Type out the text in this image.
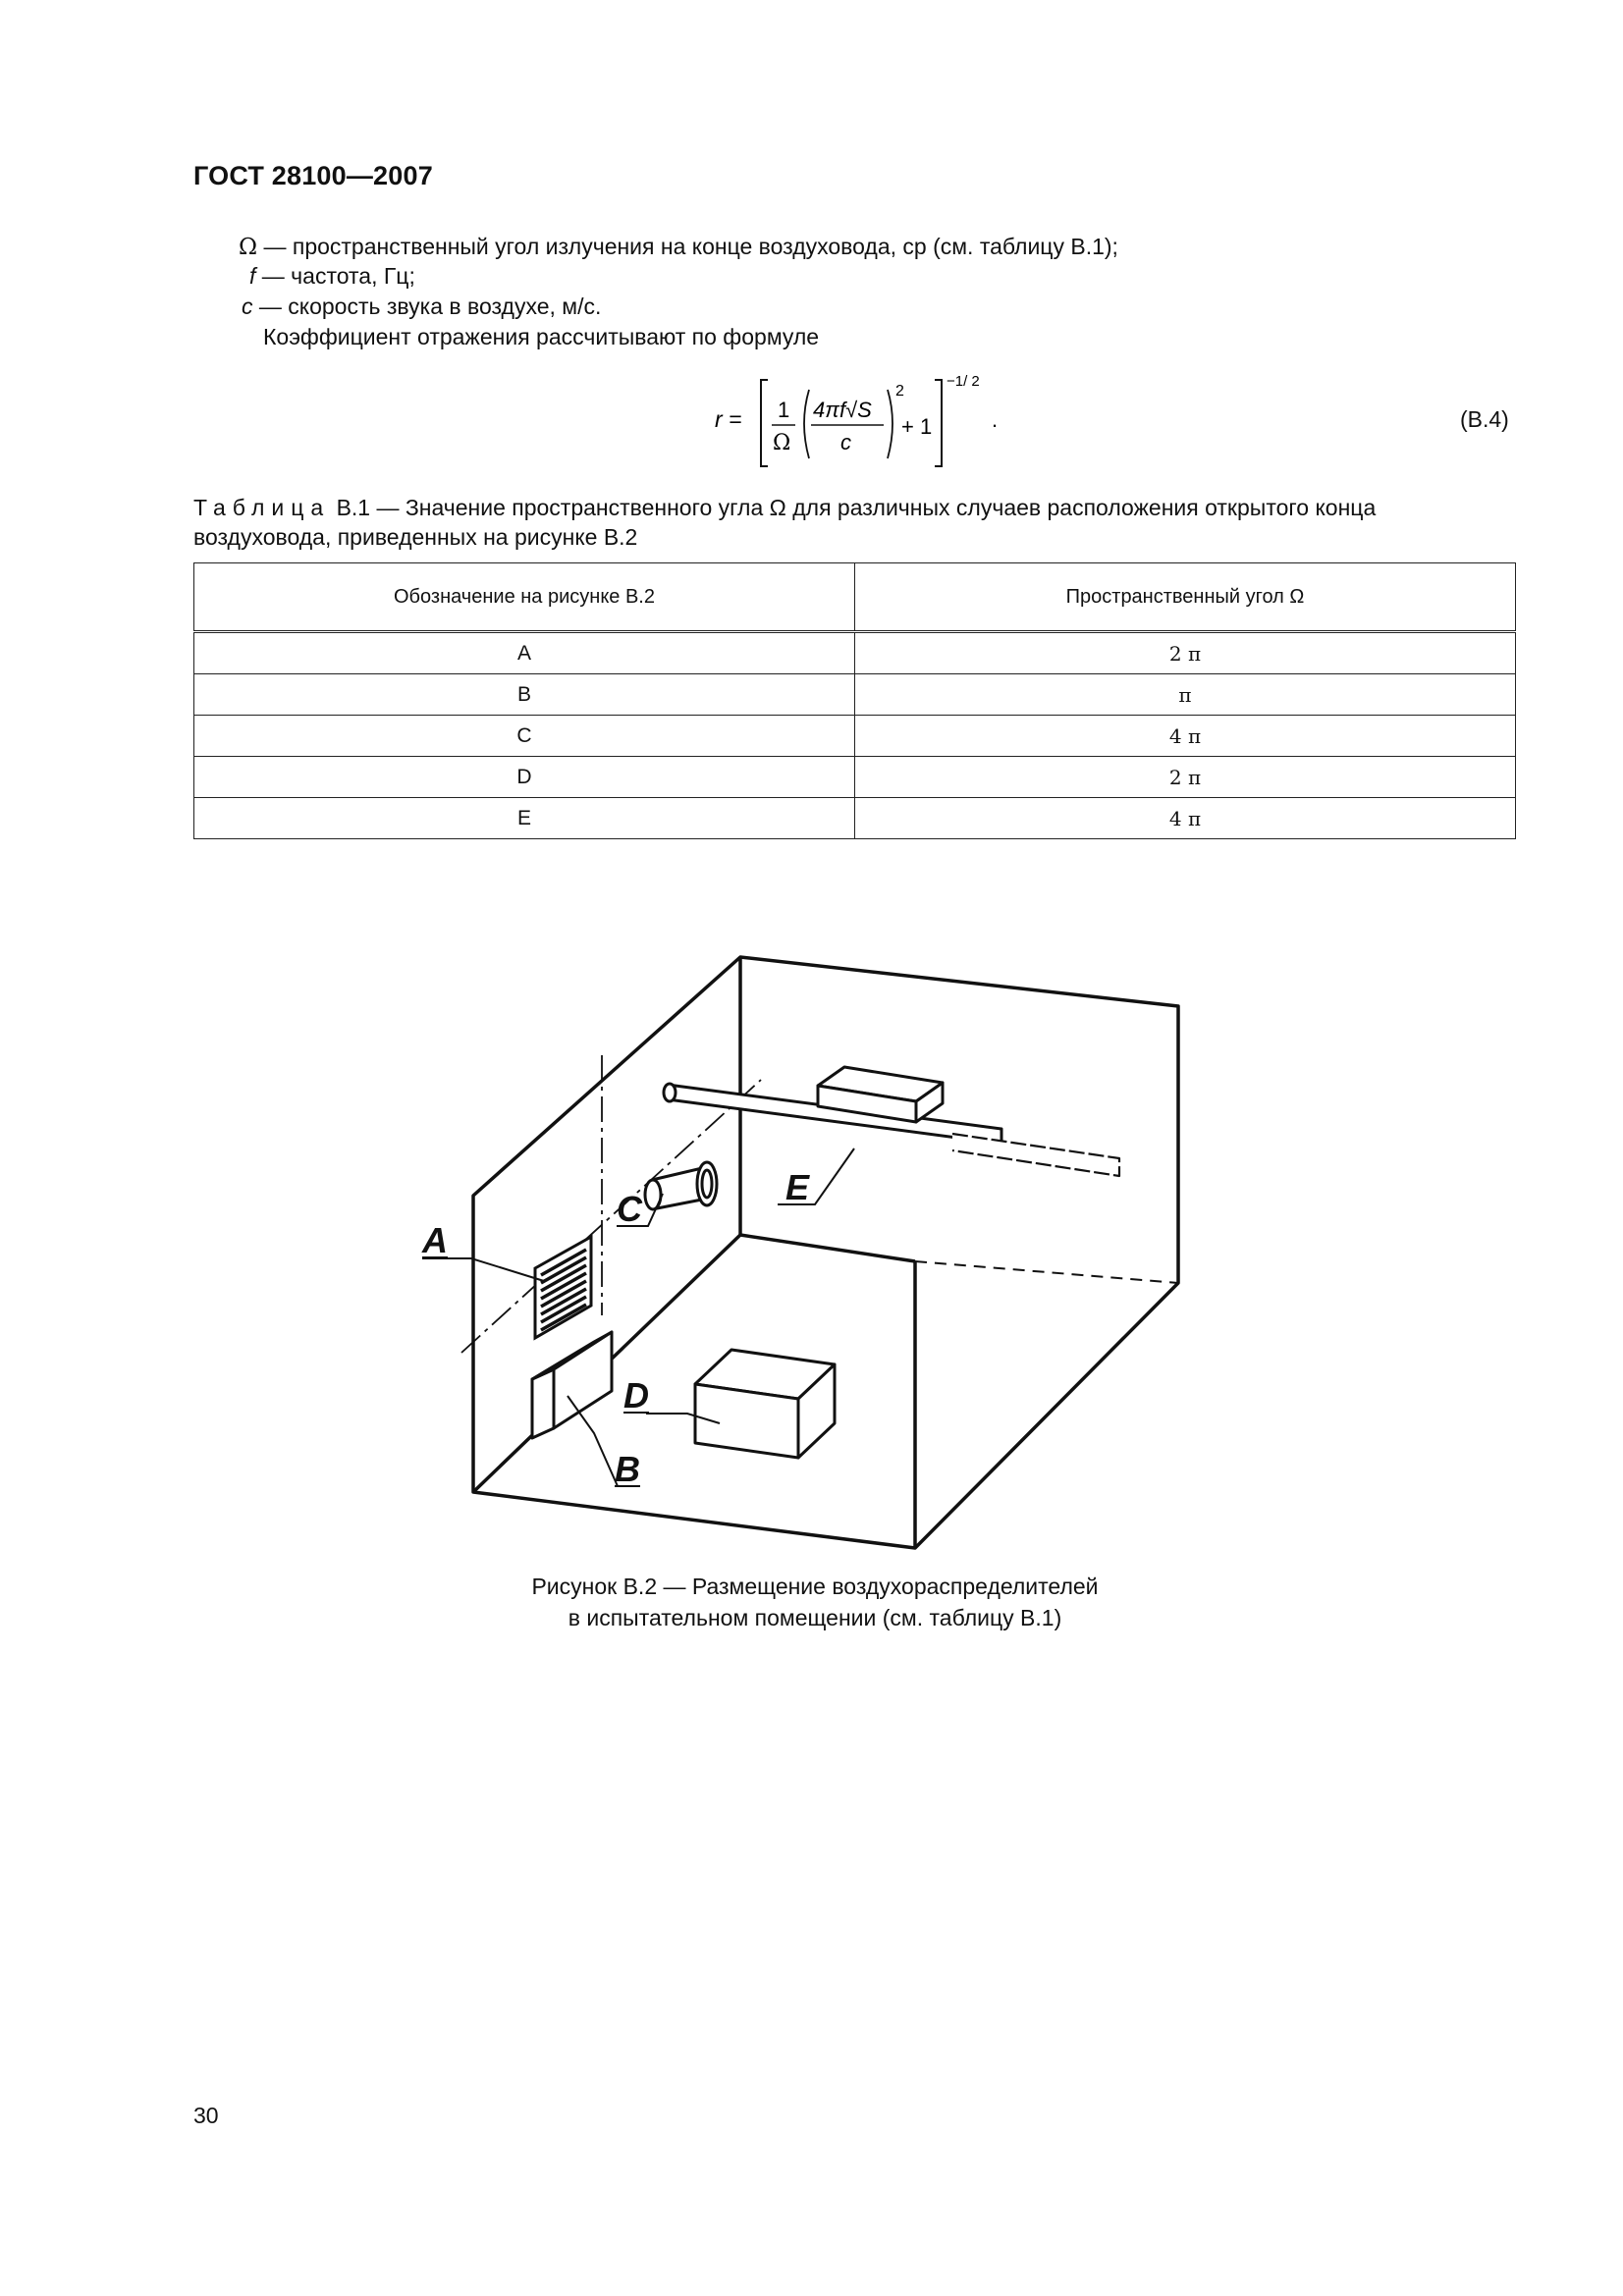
ГОСТ 28100—2007
Ω — пространственный угол излучения на конце воздуховода, ср (см. таблицу В.1);
f — частота, Гц;
c — скорость звука в воздухе, м/с.
Коэффициент отражения рассчитывают по формуле
r = 1
Ω
4πf√S
c
2
+ 1
−1/ 2
.	(В.4)
Таблица В.1 — Значение пространственного угла Ω для различных случаев расположения открытого конца воздуховода, приведенных на рисунке В.2
Обозначение на рисунке В.2	Пространственный угол Ω
A	2 π
B	π
C	4 π
D	2 π
E	4 π
A
B
C
D
E
Рисунок В.2 — Размещение воздухораспределителей
в испытательном помещении (см. таблицу В.1)
30
